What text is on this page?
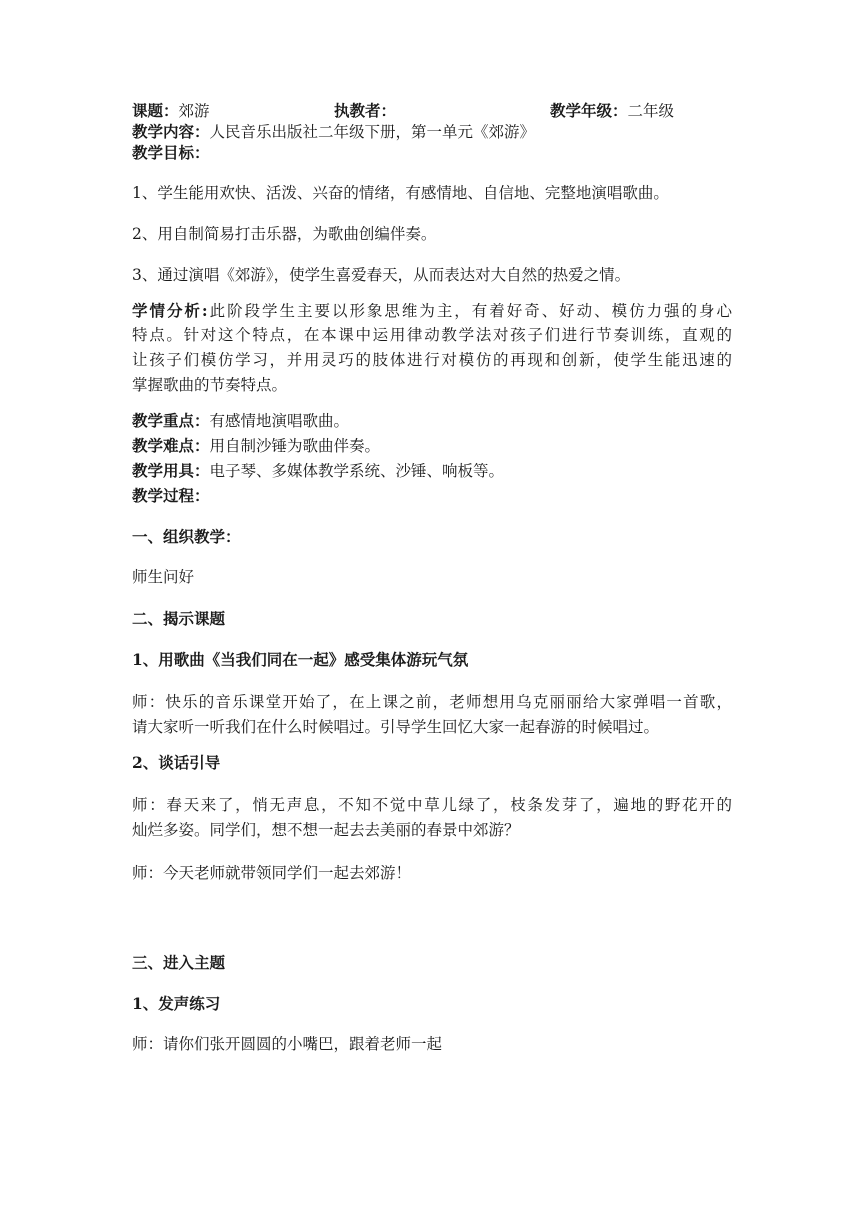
课题：郊游	执教者：	教学年级：二年级
教学内容：人民音乐出版社二年级下册，第一单元《郊游》
教学目标：
1、学生能用欢快、活泼、兴奋的情绪，有感情地、自信地、完整地演唱歌曲。
2、用自制简易打击乐器，为歌曲创编伴奏。
3、通过演唱《郊游》，使学生喜爱春天，从而表达对大自然的热爱之情。
学情分析:此阶段学生主要以形象思维为主，有着好奇、好动、模仿力强的身心
特点。针对这个特点，在本课中运用律动教学法对孩子们进行节奏训练，直观的
让孩子们模仿学习，并用灵巧的肢体进行对模仿的再现和创新，使学生能迅速的
掌握歌曲的节奏特点。
教学重点：有感情地演唱歌曲。
教学难点：用自制沙锤为歌曲伴奏。
教学用具：电子琴、多媒体教学系统、沙锤、响板等。
教学过程：
一、组织教学：
师生问好
二、揭示课题
1、用歌曲《当我们同在一起》感受集体游玩气氛
师：快乐的音乐课堂开始了，在上课之前，老师想用乌克丽丽给大家弹唱一首歌，
请大家听一听我们在什么时候唱过。引导学生回忆大家一起春游的时候唱过。
2、谈话引导
师：春天来了，悄无声息，不知不觉中草儿绿了，枝条发芽了，遍地的野花开的
灿烂多姿。同学们，想不想一起去去美丽的春景中郊游？
师：今天老师就带领同学们一起去郊游！
三、进入主题
1、发声练习
师：请你们张开圆圆的小嘴巴，跟着老师一起
